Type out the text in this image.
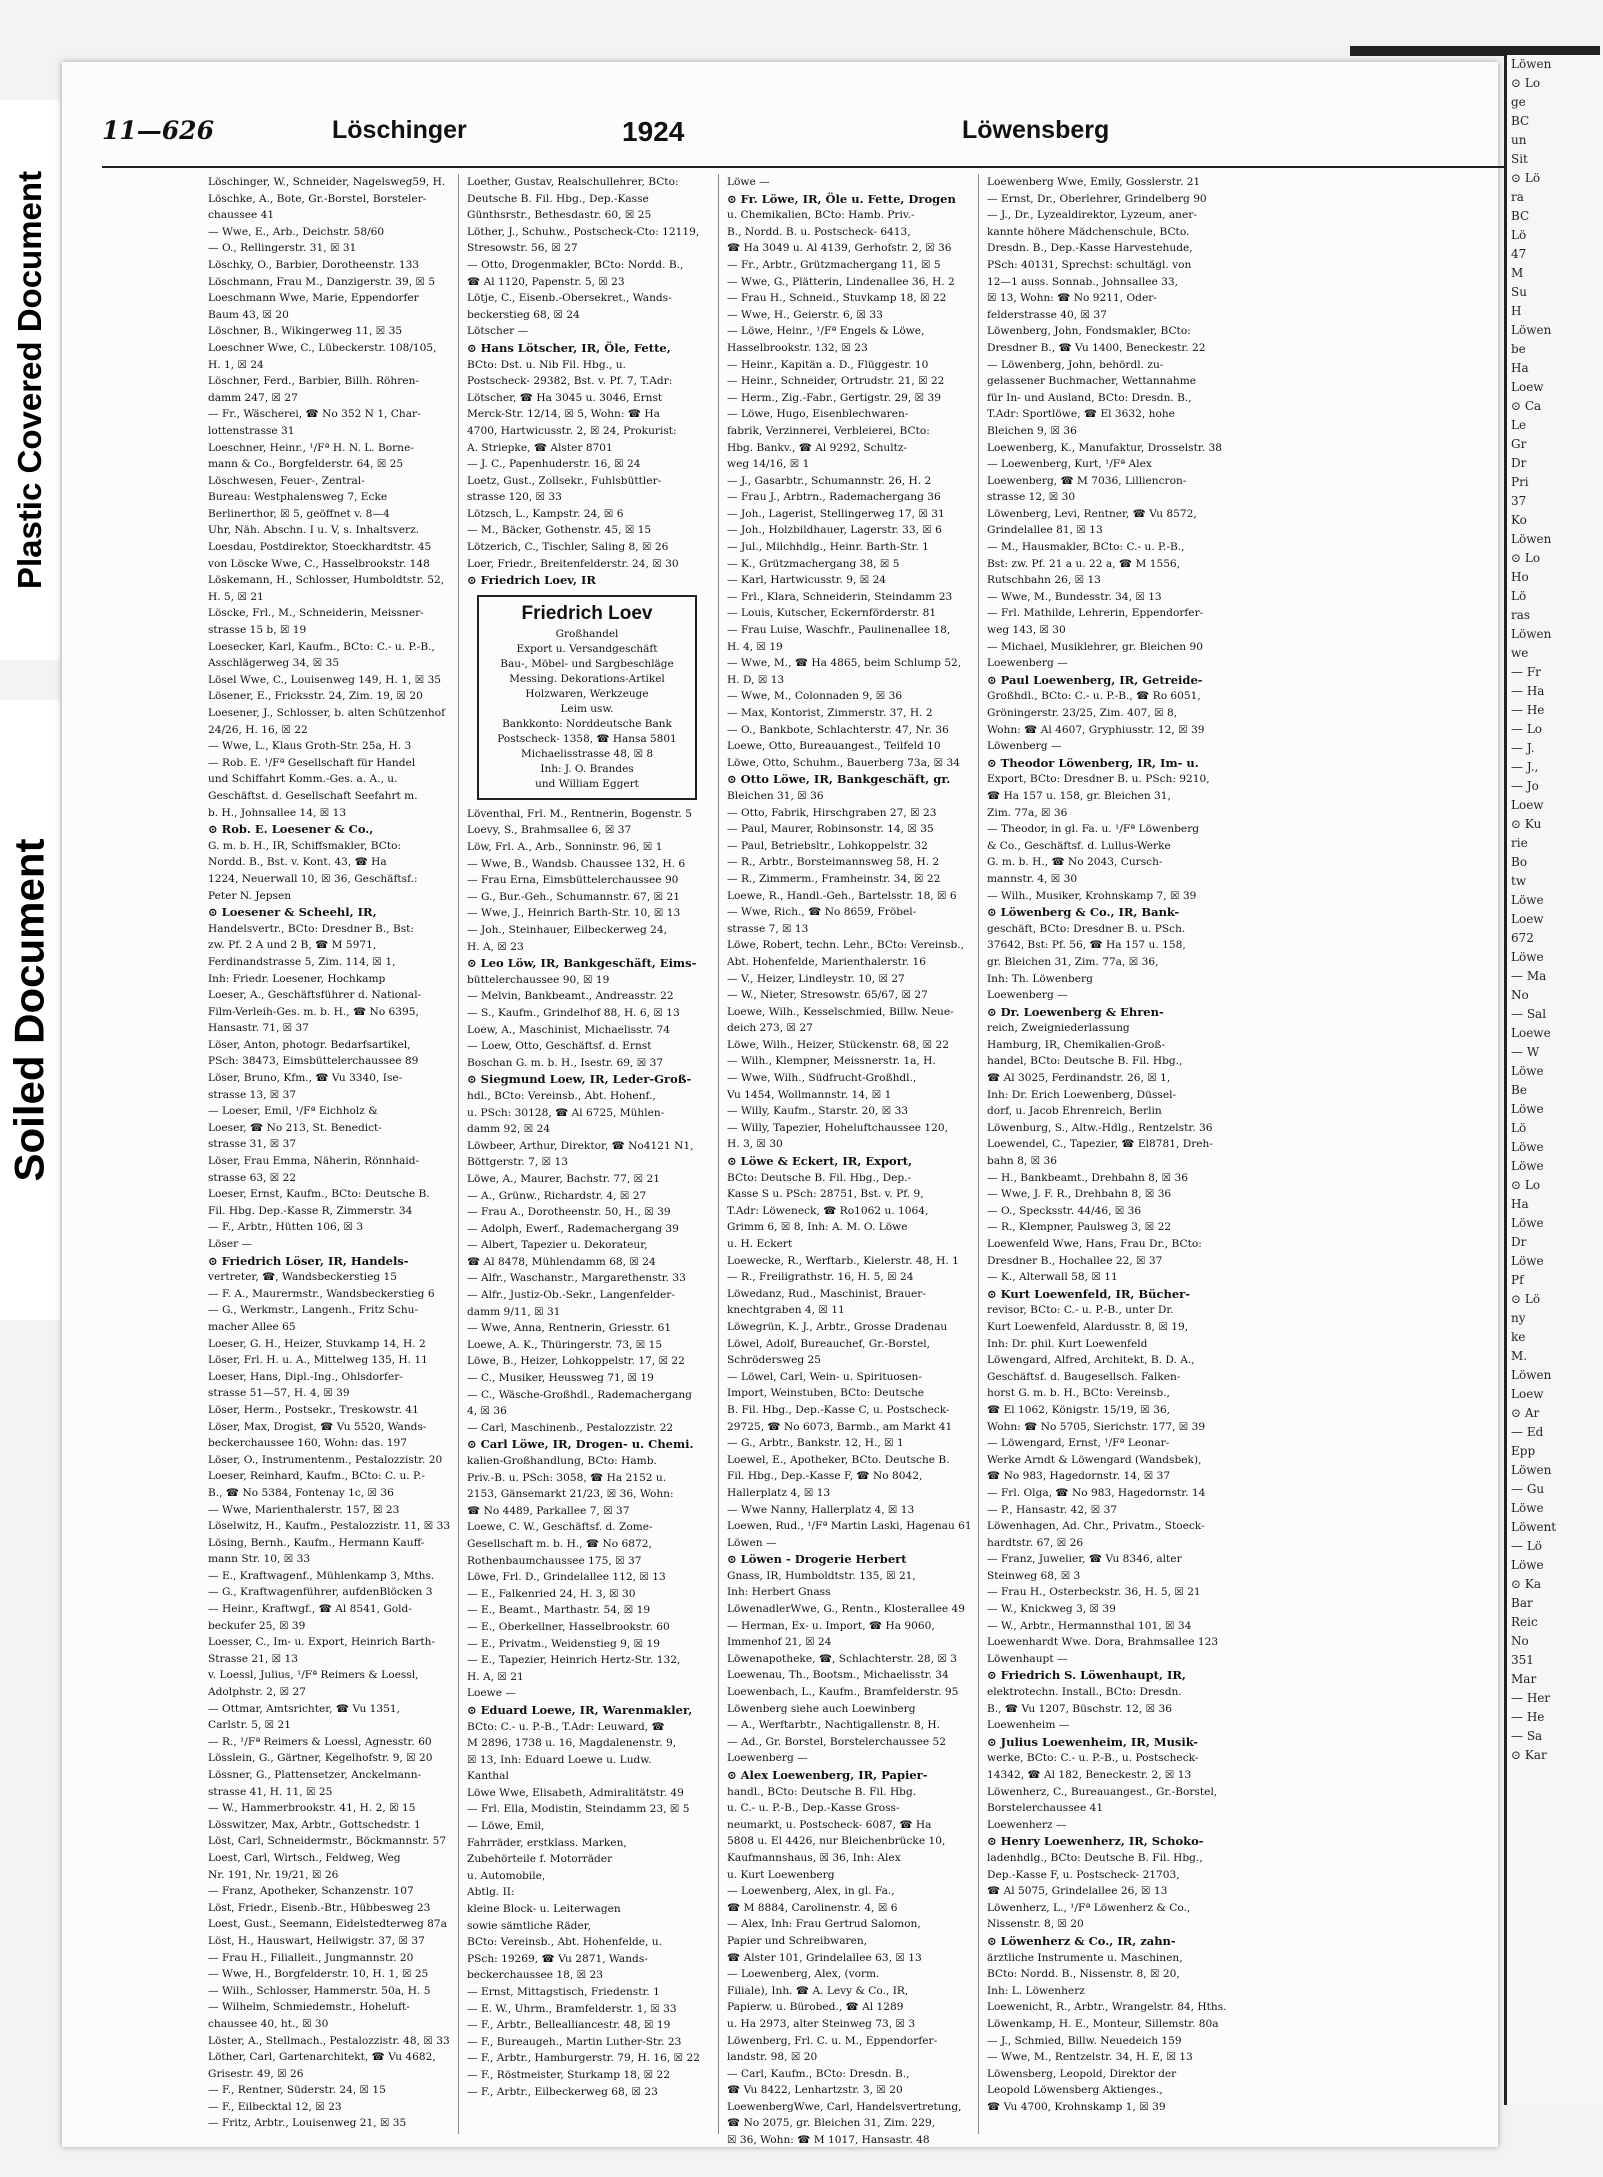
Plastic Covered Document
Soiled Document
Löwen
⊙ Lo
ge
BC
un
Sit
⊙ Lö
ra
BC
Lö
47
M
Su
H
Löwen
be
Ha
Loew
⊙ Ca
Le
Gr
Dr
Pri
37
Ko
Löwen
⊙ Lo
Ho
Lö
ras
Löwen
we
— Fr
— Ha
— He
— Lo
— J.
— J.,
— Jo
Loew
⊙ Ku
rie
Bo
tw
Löwe
Loew
672
Löwe
— Ma
No
— Sal
Loewe
— W
Löwe
Be
Löwe
Lö
Löwe
Löwe
⊙ Lo
Ha
Löwe
Dr
Löwe
Pf
⊙ Lö
ny
ke
M.
Löwen
Loew
⊙ Ar
— Ed
Epp
Löwen
— Gu
Löwe
Löwent
— Lö
Löwe
⊙ Ka
Bar
Reic
No
351
Mar
— Her
— He
— Sa
⊙ Kar
11—626	Löschinger	1924	Löwensberg
Löschinger, W., Schneider, Nagelsweg59, H.
Löschke, A., Bote, Gr.-Borstel, Borsteler-
chaussee 41
— Wwe, E., Arb., Deichstr. 58/60
— O., Rellingerstr. 31, ☒ 31
Löschky, O., Barbier, Dorotheenstr. 133
Löschmann, Frau M., Danzigerstr. 39, ☒ 5
Loeschmann Wwe, Marie, Eppendorfer
Baum 43, ☒ 20
Löschner, B., Wikingerweg 11, ☒ 35
Loeschner Wwe, C., Lübeckerstr. 108/105,
H. 1, ☒ 24
Löschner, Ferd., Barbier, Billh. Röhren-
damm 247, ☒ 27
— Fr., Wäscherei, ☎ No 352 N 1, Char-
lottenstrasse 31
Loeschner, Heinr., ¹/Fª H. N. L. Borne-
mann & Co., Borgfelderstr. 64, ☒ 25
Löschwesen, Feuer-, Zentral-
Bureau: Westphalensweg 7, Ecke
Berlinerthor, ☒ 5, geöffnet v. 8—4
Uhr, Näh. Abschn. I u. V, s. Inhaltsverz.
Loesdau, Postdirektor, Stoeckhardtstr. 45
von Löscke Wwe, C., Hasselbrookstr. 148
Löskemann, H., Schlosser, Humboldtstr. 52,
H. 5, ☒ 21
Löscke, Frl., M., Schneiderin, Meissner-
strasse 15 b, ☒ 19
Loesecker, Karl, Kaufm., BCto: C.- u. P.-B.,
Asschlägerweg 34, ☒ 35
Lösel Wwe, C., Louisenweg 149, H. 1, ☒ 35
Lösener, E., Fricksstr. 24, Zim. 19, ☒ 20
Loesener, J., Schlosser, b. alten Schützenhof
24/26, H. 16, ☒ 22
— Wwe, L., Klaus Groth-Str. 25a, H. 3
— Rob. E. ¹/Fª Gesellschaft für Handel
und Schiffahrt Komm.-Ges. a. A., u.
Geschäftst. d. Gesellschaft Seefahrt m.
b. H., Johnsallee 14, ☒ 13
⊙ Rob. E. Loesener & Co.,
G. m. b. H., IR, Schiffsmakler, BCto:
Nordd. B., Bst. v. Kont. 43, ☎ Ha
1224, Neuerwall 10, ☒ 36, Geschäftsf.:
Peter N. Jepsen
⊙ Loesener & Scheehl, IR,
Handelsvertr., BCto: Dresdner B., Bst:
zw. Pf. 2 A und 2 B, ☎ M 5971,
Ferdinandstrasse 5, Zim. 114, ☒ 1,
Inh: Friedr. Loesener, Hochkamp
Loeser, A., Geschäftsführer d. National-
Film-Verleih-Ges. m. b. H., ☎ No 6395,
Hansastr. 71, ☒ 37
Löser, Anton, photogr. Bedarfsartikel,
PSch: 38473, Eimsbüttelerchaussee 89
Löser, Bruno, Kfm., ☎ Vu 3340, Ise-
strasse 13, ☒ 37
— Loeser, Emil, ¹/Fª Eichholz &
Loeser, ☎ No 213, St. Benedict-
strasse 31, ☒ 37
Löser, Frau Emma, Näherin, Rönnhaid-
strasse 63, ☒ 22
Loeser, Ernst, Kaufm., BCto: Deutsche B.
Fil. Hbg. Dep.-Kasse R, Zimmerstr. 34
— F., Arbtr., Hütten 106, ☒ 3
Löser —
⊙ Friedrich Löser, IR, Handels-
vertreter, ☎, Wandsbeckerstieg 15
— F. A., Maurermstr., Wandsbeckerstieg 6
— G., Werkmstr., Langenh., Fritz Schu-
macher Allee 65
Loeser, G. H., Heizer, Stuvkamp 14, H. 2
Löser, Frl. H. u. A., Mittelweg 135, H. 11
Loeser, Hans, Dipl.-Ing., Ohlsdorfer-
strasse 51—57, H. 4, ☒ 39
Löser, Herm., Postsekr., Treskowstr. 41
Löser, Max, Drogist, ☎ Vu 5520, Wands-
beckerchaussee 160, Wohn: das. 197
Löser, O., Instrumentenm., Pestalozzistr. 20
Loeser, Reinhard, Kaufm., BCto: C. u. P.-
B., ☎ No 5384, Fontenay 1c, ☒ 36
— Wwe, Marienthalerstr. 157, ☒ 23
Löselwitz, H., Kaufm., Pestalozzistr. 11, ☒ 33
Lösing, Bernh., Kaufm., Hermann Kauff-
mann Str. 10, ☒ 33
— E., Kraftwagenf., Mühlenkamp 3, Mths.
— G., Kraftwagenführer, aufdenBlöcken 3
— Heinr., Kraftwgf., ☎ Al 8541, Gold-
beckufer 25, ☒ 39
Loesser, C., Im- u. Export, Heinrich Barth-
Strasse 21, ☒ 13
v. Loessl, Julius, ¹/Fª Reimers & Loessl,
Adolphstr. 2, ☒ 27
— Ottmar, Amtsrichter, ☎ Vu 1351,
Carlstr. 5, ☒ 21
— R., ¹/Fª Reimers & Loessl, Agnesstr. 60
Lösslein, G., Gärtner, Kegelhofstr. 9, ☒ 20
Lössner, G., Plattensetzer, Anckelmann-
strasse 41, H. 11, ☒ 25
— W., Hammerbrookstr. 41, H. 2, ☒ 15
Lösswitzer, Max, Arbtr., Gottschedstr. 1
Löst, Carl, Schneidermstr., Böckmannstr. 57
Loest, Carl, Wirtsch., Feldweg, Weg
Nr. 191, Nr. 19/21, ☒ 26
— Franz, Apotheker, Schanzenstr. 107
Löst, Friedr., Eisenb.-Btr., Hübbesweg 23
Loest, Gust., Seemann, Eidelstedterweg 87a
Löst, H., Hauswart, Heilwigstr. 37, ☒ 37
— Frau H., Filialleit., Jungmannstr. 20
— Wwe, H., Borgfelderstr. 10, H. 1, ☒ 25
— Wilh., Schlosser, Hammerstr. 50a, H. 5
— Wilhelm, Schmiedemstr., Hoheluft-
chaussee 40, ht., ☒ 30
Löster, A., Stellmach., Pestalozzistr. 48, ☒ 33
Löther, Carl, Gartenarchitekt, ☎ Vu 4682,
Grisestr. 49, ☒ 26
— F., Rentner, Süderstr. 24, ☒ 15
— F., Eilbecktal 12, ☒ 23
— Fritz, Arbtr., Louisenweg 21, ☒ 35
Loether, Gustav, Realschullehrer, BCto:
Deutsche B. Fil. Hbg., Dep.-Kasse
Günthsrstr., Bethesdastr. 60, ☒ 25
Löther, J., Schuhw., Postscheck-Cto: 12119,
Stresowstr. 56, ☒ 27
— Otto, Drogenmakler, BCto: Nordd. B.,
☎ Al 1120, Papenstr. 5, ☒ 23
Lötje, C., Eisenb.-Obersekret., Wands-
beckerstieg 68, ☒ 24
Lötscher —
⊙ Hans Lötscher, IR, Öle, Fette,
BCto: Dst. u. Nib Fil. Hbg., u.
Postscheck- 29382, Bst. v. Pf. 7, T.Adr:
Lötscher, ☎ Ha 3045 u. 3046, Ernst
Merck-Str. 12/14, ☒ 5, Wohn: ☎ Ha
4700, Hartwicusstr. 2, ☒ 24, Prokurist:
A. Striepke, ☎ Alster 8701
— J. C., Papenhuderstr. 16, ☒ 24
Loetz, Gust., Zollsekr., Fuhlsbüttler-
strasse 120, ☒ 33
Lötzsch, L., Kampstr. 24, ☒ 6
— M., Bäcker, Gothenstr. 45, ☒ 15
Lötzerich, C., Tischler, Saling 8, ☒ 26
Loer, Friedr., Breitenfelderstr. 24, ☒ 30
⊙ Friedrich Loev, IR
Friedrich Loev
Großhandel
Export u. Versandgeschäft
Bau-, Möbel- und Sargbeschläge
Messing. Dekorations-Artikel
Holzwaren, Werkzeuge
Leim usw.
Bankkonto: Norddeutsche Bank
Postscheck- 1358, ☎ Hansa 5801
Michaelisstrasse 48, ☒ 8
Inh: J. O. Brandes
und William Eggert
Löventhal, Frl. M., Rentnerin, Bogenstr. 5
Loevy, S., Brahmsallee 6, ☒ 37
Löw, Frl. A., Arb., Sonninstr. 96, ☒ 1
— Wwe, B., Wandsb. Chaussee 132, H. 6
— Frau Erna, Eimsbüttelerchaussee 90
— G., Bur.-Geh., Schumannstr. 67, ☒ 21
— Wwe, J., Heinrich Barth-Str. 10, ☒ 13
— Joh., Steinhauer, Eilbeckerweg 24,
H. A, ☒ 23
⊙ Leo Löw, IR, Bankgeschäft, Eims-
büttelerchaussee 90, ☒ 19
— Melvin, Bankbeamt., Andreasstr. 22
— S., Kaufm., Grindelhof 88, H. 6, ☒ 13
Loew, A., Maschinist, Michaelisstr. 74
— Loew, Otto, Geschäftsf. d. Ernst
Boschan G. m. b. H., Isestr. 69, ☒ 37
⊙ Siegmund Loew, IR, Leder-Groß-
hdl., BCto: Vereinsb., Abt. Hohenf.,
u. PSch: 30128, ☎ Al 6725, Mühlen-
damm 92, ☒ 24
Löwbeer, Arthur, Direktor, ☎ No4121 N1,
Böttgerstr. 7, ☒ 13
Löwe, A., Maurer, Bachstr. 77, ☒ 21
— A., Grünw., Richardstr. 4, ☒ 27
— Frau A., Dorotheenstr. 50, H., ☒ 39
— Adolph, Ewerf., Rademachergang 39
— Albert, Tapezier u. Dekorateur,
☎ Al 8478, Mühlendamm 68, ☒ 24
— Alfr., Waschanstr., Margarethenstr. 33
— Alfr., Justiz-Ob.-Sekr., Langenfelder-
damm 9/11, ☒ 31
— Wwe, Anna, Rentnerin, Griesstr. 61
Loewe, A. K., Thüringerstr. 73, ☒ 15
Löwe, B., Heizer, Lohkoppelstr. 17, ☒ 22
— C., Musiker, Heussweg 71, ☒ 19
— C., Wäsche-Großhdl., Rademachergang
4, ☒ 36
— Carl, Maschinenb., Pestalozzistr. 22
⊙ Carl Löwe, IR, Drogen- u. Chemi.
kalien-Großhandlung, BCto: Hamb.
Priv.-B. u. PSch: 3058, ☎ Ha 2152 u.
2153, Gänsemarkt 21/23, ☒ 36, Wohn:
☎ No 4489, Parkallee 7, ☒ 37
Loewe, C. W., Geschäftsf. d. Zome-
Gesellschaft m. b. H., ☎ No 6872,
Rothenbaumchaussee 175, ☒ 37
Löwe, Frl. D., Grindelallee 112, ☒ 13
— E., Falkenried 24, H. 3, ☒ 30
— E., Beamt., Marthastr. 54, ☒ 19
— E., Oberkellner, Hasselbrookstr. 60
— E., Privatm., Weidenstieg 9, ☒ 19
— E., Tapezier, Heinrich Hertz-Str. 132,
H. A, ☒ 21
Loewe —
⊙ Eduard Loewe, IR, Warenmakler,
BCto: C.- u. P.-B., T.Adr: Leuward, ☎
M 2896, 1738 u. 16, Magdalenenstr. 9,
☒ 13, Inh: Eduard Loewe u. Ludw.
Kanthal
Löwe Wwe, Elisabeth, Admiralitätstr. 49
— Frl. Ella, Modistin, Steindamm 23, ☒ 5
— Löwe, Emil,
Fahrräder, erstklass. Marken,
Zubehörteile f. Motorräder
u. Automobile,
Abtlg. II:
kleine Block- u. Leiterwagen
sowie sämtliche Räder,
BCto: Vereinsb., Abt. Hohenfelde, u.
PSch: 19269, ☎ Vu 2871, Wands-
beckerchaussee 18, ☒ 23
— Ernst, Mittagstisch, Friedenstr. 1
— E. W., Uhrm., Bramfelderstr. 1, ☒ 33
— F., Arbtr., Bellealliancestr. 48, ☒ 19
— F., Bureaugeh., Martin Luther-Str. 23
— F., Arbtr., Hamburgerstr. 79, H. 16, ☒ 22
— F., Röstmeister, Sturkamp 18, ☒ 22
— F., Arbtr., Eilbeckerweg 68, ☒ 23
Löwe —
⊙ Fr. Löwe, IR, Öle u. Fette, Drogen
u. Chemikalien, BCto: Hamb. Priv.-
B., Nordd. B. u. Postscheck- 6413,
☎ Ha 3049 u. Al 4139, Gerhofstr. 2, ☒ 36
— Fr., Arbtr., Grützmachergang 11, ☒ 5
— Wwe, G., Plätterin, Lindenallee 36, H. 2
— Frau H., Schneid., Stuvkamp 18, ☒ 22
— Wwe, H., Geierstr. 6, ☒ 33
— Löwe, Heinr., ¹/Fª Engels & Löwe,
Hasselbrookstr. 132, ☒ 23
— Heinr., Kapitän a. D., Flüggestr. 10
— Heinr., Schneider, Ortrudstr. 21, ☒ 22
— Herm., Zig.-Fabr., Gertigstr. 29, ☒ 39
— Löwe, Hugo, Eisenblechwaren-
fabrik, Verzinnerei, Verbleierei, BCto:
Hbg. Bankv., ☎ Al 9292, Schultz-
weg 14/16, ☒ 1
— J., Gasarbtr., Schumannstr. 26, H. 2
— Frau J., Arbtrn., Rademachergang 36
— Joh., Lagerist, Stellingerweg 17, ☒ 31
— Joh., Holzbildhauer, Lagerstr. 33, ☒ 6
— Jul., Milchhdlg., Heinr. Barth-Str. 1
— K., Grützmachergang 38, ☒ 5
— Karl, Hartwicusstr. 9, ☒ 24
— Frl., Klara, Schneiderin, Steindamm 23
— Louis, Kutscher, Eckernförderstr. 81
— Frau Luise, Waschfr., Paulinenallee 18,
H. 4, ☒ 19
— Wwe, M., ☎ Ha 4865, beim Schlump 52,
H. D, ☒ 13
— Wwe, M., Colonnaden 9, ☒ 36
— Max, Kontorist, Zimmerstr. 37, H. 2
— O., Bankbote, Schlachterstr. 47, Nr. 36
Loewe, Otto, Bureauangest., Teilfeld 10
Löwe, Otto, Schuhm., Bauerberg 73a, ☒ 34
⊙ Otto Löwe, IR, Bankgeschäft, gr.
Bleichen 31, ☒ 36
— Otto, Fabrik, Hirschgraben 27, ☒ 23
— Paul, Maurer, Robinsonstr. 14, ☒ 35
— Paul, Betriebsltr., Lohkoppelstr. 32
— R., Arbtr., Borsteimannsweg 58, H. 2
— R., Zimmerm., Framheinstr. 34, ☒ 22
Loewe, R., Handl.-Geh., Bartelsstr. 18, ☒ 6
— Wwe, Rich., ☎ No 8659, Fröbel-
strasse 7, ☒ 13
Löwe, Robert, techn. Lehr., BCto: Vereinsb.,
Abt. Hohenfelde, Marienthalerstr. 16
— V., Heizer, Lindleystr. 10, ☒ 27
— W., Nieter, Stresowstr. 65/67, ☒ 27
Loewe, Wilh., Kesselschmied, Billw. Neue-
deich 273, ☒ 27
Löwe, Wilh., Heizer, Stückenstr. 68, ☒ 22
— Wilh., Klempner, Meissnerstr. 1a, H.
— Wwe, Wilh., Südfrucht-Großhdl.,
Vu 1454, Wollmannstr. 14, ☒ 1
— Willy, Kaufm., Starstr. 20, ☒ 33
— Willy, Tapezier, Hoheluftchaussee 120,
H. 3, ☒ 30
⊙ Löwe & Eckert, IR, Export,
BCto: Deutsche B. Fil. Hbg., Dep.-
Kasse S u. PSch: 28751, Bst. v. Pf. 9,
T.Adr: Löweneck, ☎ Ro1062 u. 1064,
Grimm 6, ☒ 8, Inh: A. M. O. Löwe
u. H. Eckert
Loewecke, R., Werftarb., Kielerstr. 48, H. 1
— R., Freiligrathstr. 16, H. 5, ☒ 24
Löwedanz, Rud., Maschinist, Brauer-
knechtgraben 4, ☒ 11
Löwegrün, K. J., Arbtr., Grosse Dradenau
Löwel, Adolf, Bureauchef, Gr.-Borstel,
Schrödersweg 25
— Löwel, Carl, Wein- u. Spirituosen-
Import, Weinstuben, BCto: Deutsche
B. Fil. Hbg., Dep.-Kasse C, u. Postscheck-
29725, ☎ No 6073, Barmb., am Markt 41
— G., Arbtr., Bankstr. 12, H., ☒ 1
Loewel, E., Apotheker, BCto. Deutsche B.
Fil. Hbg., Dep.-Kasse F, ☎ No 8042,
Hallerplatz 4, ☒ 13
— Wwe Nanny, Hallerplatz 4, ☒ 13
Loewen, Rud., ¹/Fª Martin Laski, Hagenau 61
Löwen —
⊙ Löwen - Drogerie Herbert
Gnass, IR, Humboldtstr. 135, ☒ 21,
Inh: Herbert Gnass
LöwenadlerWwe, G., Rentn., Klosterallee 49
— Herman, Ex- u. Import, ☎ Ha 9060,
Immenhof 21, ☒ 24
Löwenapotheke, ☎, Schlachterstr. 28, ☒ 3
Loewenau, Th., Bootsm., Michaelisstr. 34
Loewenbach, L., Kaufm., Bramfelderstr. 95
Löwenberg siehe auch Loewinberg
— A., Werftarbtr., Nachtigallenstr. 8, H.
— Ad., Gr. Borstel, Borstelerchaussee 52
Loewenberg —
⊙ Alex Loewenberg, IR, Papier-
handl., BCto: Deutsche B. Fil. Hbg.
u. C.- u. P.-B., Dep.-Kasse Gross-
neumarkt, u. Postscheck- 6087, ☎ Ha
5808 u. El 4426, nur Bleichenbrücke 10,
Kaufmannshaus, ☒ 36, Inh: Alex
u. Kurt Loewenberg
— Loewenberg, Alex, in gl. Fa.,
☎ M 8884, Carolinenstr. 4, ☒ 6
— Alex, Inh: Frau Gertrud Salomon,
Papier und Schreibwaren,
☎ Alster 101, Grindelallee 63, ☒ 13
— Loewenberg, Alex, (vorm.
Filiale), Inh. ☎ A. Levy & Co., IR,
Papierw. u. Bürobed., ☎ Al 1289
u. Ha 2973, alter Steinweg 73, ☒ 3
Löwenberg, Frl. C. u. M., Eppendorfer-
landstr. 98, ☒ 20
— Carl, Kaufm., BCto: Dresdn. B.,
☎ Vu 8422, Lenhartzstr. 3, ☒ 20
LoewenbergWwe, Carl, Handelsvertretung,
☎ No 2075, gr. Bleichen 31, Zim. 229,
☒ 36, Wohn: ☎ M 1017, Hansastr. 48
Loewenberg Wwe, Emily, Gosslerstr. 21
— Ernst, Dr., Oberlehrer, Grindelberg 90
— J., Dr., Lyzealdirektor, Lyzeum, aner-
kannte höhere Mädchenschule, BCto.
Dresdn. B., Dep.-Kasse Harvestehude,
PSch: 40131, Sprechst: schultägl. von
12—1 auss. Sonnab., Johnsallee 33,
☒ 13, Wohn: ☎ No 9211, Oder-
felderstrasse 40, ☒ 37
Löwenberg, John, Fondsmakler, BCto:
Dresdner B., ☎ Vu 1400, Beneckestr. 22
— Löwenberg, John, behördl. zu-
gelassener Buchmacher, Wettannahme
für In- und Ausland, BCto: Dresdn. B.,
T.Adr: Sportlöwe, ☎ El 3632, hohe
Bleichen 9, ☒ 36
Loewenberg, K., Manufaktur, Drosselstr. 38
— Loewenberg, Kurt, ¹/Fª Alex
Loewenberg, ☎ M 7036, Lilliencron-
strasse 12, ☒ 30
Löwenberg, Levi, Rentner, ☎ Vu 8572,
Grindelallee 81, ☒ 13
— M., Hausmakler, BCto: C.- u. P.-B.,
Bst: zw. Pf. 21 a u. 22 a, ☎ M 1556,
Rutschbahn 26, ☒ 13
— Wwe, M., Bundesstr. 34, ☒ 13
— Frl. Mathilde, Lehrerin, Eppendorfer-
weg 143, ☒ 30
— Michael, Musiklehrer, gr. Bleichen 90
Loewenberg —
⊙ Paul Loewenberg, IR, Getreide-
Großhdl., BCto: C.- u. P.-B., ☎ Ro 6051,
Gröningerstr. 23/25, Zim. 407, ☒ 8,
Wohn: ☎ Al 4607, Gryphiusstr. 12, ☒ 39
Löwenberg —
⊙ Theodor Löwenberg, IR, Im- u.
Export, BCto: Dresdner B. u. PSch: 9210,
☎ Ha 157 u. 158, gr. Bleichen 31,
Zim. 77a, ☒ 36
— Theodor, in gl. Fa. u. ¹/Fª Löwenberg
& Co., Geschäftsf. d. Lullus-Werke
G. m. b. H., ☎ No 2043, Cursch-
mannstr. 4, ☒ 30
— Wilh., Musiker, Krohnskamp 7, ☒ 39
⊙ Löwenberg & Co., IR, Bank-
geschäft, BCto: Dresdner B. u. PSch.
37642, Bst: Pf. 56, ☎ Ha 157 u. 158,
gr. Bleichen 31, Zim. 77a, ☒ 36,
Inh: Th. Löwenberg
Loewenberg —
⊙ Dr. Loewenberg & Ehren-
reich, Zweigniederlassung
Hamburg, IR, Chemikalien-Groß-
handel, BCto: Deutsche B. Fil. Hbg.,
☎ Al 3025, Ferdinandstr. 26, ☒ 1,
Inh: Dr. Erich Loewenberg, Düssel-
dorf, u. Jacob Ehrenreich, Berlin
Löwenburg, S., Altw.-Hdlg., Rentzelstr. 36
Loewendel, C., Tapezier, ☎ El8781, Dreh-
bahn 8, ☒ 36
— H., Bankbeamt., Drehbahn 8, ☒ 36
— Wwe, J. F. R., Drehbahn 8, ☒ 36
— O., Specksstr. 44/46, ☒ 36
— R., Klempner, Paulsweg 3, ☒ 22
Loewenfeld Wwe, Hans, Frau Dr., BCto:
Dresdner B., Hochallee 22, ☒ 37
— K., Alterwall 58, ☒ 11
⊙ Kurt Loewenfeld, IR, Bücher-
revisor, BCto: C.- u. P.-B., unter Dr.
Kurt Loewenfeld, Alardusstr. 8, ☒ 19,
Inh: Dr. phil. Kurt Loewenfeld
Löwengard, Alfred, Architekt, B. D. A.,
Geschäftsf. d. Baugesellsch. Falken-
horst G. m. b. H., BCto: Vereinsb.,
☎ El 1062, Königstr. 15/19, ☒ 36,
Wohn: ☎ No 5705, Sierichstr. 177, ☒ 39
— Löwengard, Ernst, ¹/Fª Leonar-
Werke Arndt & Löwengard (Wandsbek),
☎ No 983, Hagedornstr. 14, ☒ 37
— Frl. Olga, ☎ No 983, Hagedornstr. 14
— P., Hansastr. 42, ☒ 37
Löwenhagen, Ad. Chr., Privatm., Stoeck-
hardtstr. 67, ☒ 26
— Franz, Juwelier, ☎ Vu 8346, alter
Steinweg 68, ☒ 3
— Frau H., Osterbeckstr. 36, H. 5, ☒ 21
— W., Knickweg 3, ☒ 39
— W., Arbtr., Hermannsthal 101, ☒ 34
Loewenhardt Wwe. Dora, Brahmsallee 123
Löwenhaupt —
⊙ Friedrich S. Löwenhaupt, IR,
elektrotechn. Install., BCto: Dresdn.
B., ☎ Vu 1207, Büschstr. 12, ☒ 36
Loewenheim —
⊙ Julius Loewenheim, IR, Musik-
werke, BCto: C.- u. P.-B., u. Postscheck-
14342, ☎ Al 182, Beneckestr. 2, ☒ 13
Löwenherz, C., Bureauangest., Gr.-Borstel,
Borstelerchaussee 41
Loewenherz —
⊙ Henry Loewenherz, IR, Schoko-
ladenhdlg., BCto: Deutsche B. Fil. Hbg.,
Dep.-Kasse F, u. Postscheck- 21703,
☎ Al 5075, Grindelallee 26, ☒ 13
Löwenherz, L., ¹/Fª Löwenherz & Co.,
Nissenstr. 8, ☒ 20
⊙ Löwenherz & Co., IR, zahn-
ärztliche Instrumente u. Maschinen,
BCto: Nordd. B., Nissenstr. 8, ☒ 20,
Inh: L. Löwenherz
Loewenicht, R., Arbtr., Wrangelstr. 84, Hths.
Löwenkamp, H. E., Monteur, Sillemstr. 80a
— J., Schmied, Billw. Neuedeich 159
— Wwe, M., Rentzelstr. 34, H. E, ☒ 13
Löwensberg, Leopold, Direktor der
Leopold Löwensberg Aktienges.,
☎ Vu 4700, Krohnskamp 1, ☒ 39
